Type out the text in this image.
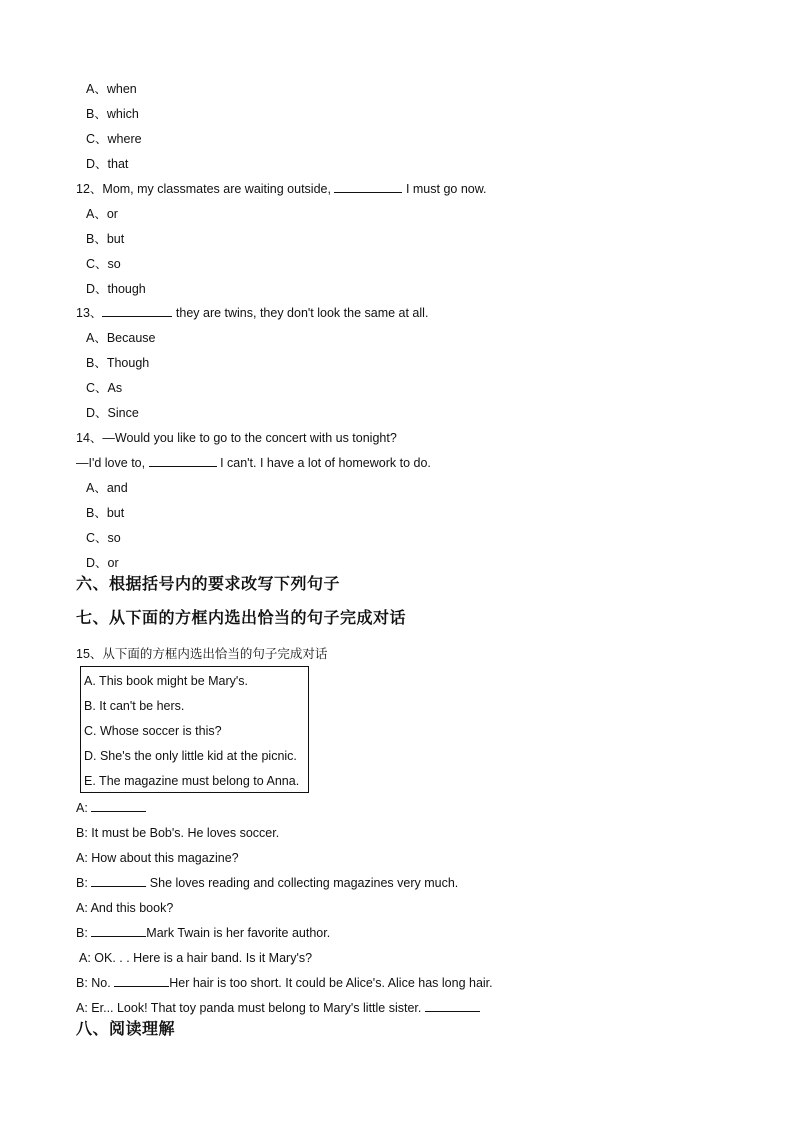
A、when
B、which
C、where
D、that
12、Mom, my classmates are waiting outside,	I must go now.
A、or
B、but
C、so
D、though
13、	they are twins, they don't look the same at all.
A、Because
B、Though
C、As
D、Since
14、—Would you like to go to the concert with us tonight?
—I'd love to,	I can't. I have a lot of homework to do.
A、and
B、but
C、so
D、or
六、根据括号内的要求改写下列句子
七、从下面的方框内选出恰当的句子完成对话
15、从下面的方框内选出恰当的句子完成对话
A. This book might be Mary's.
B. It can't be hers.
C. Whose soccer is this?
D. She's the only little kid at the picnic.
E. The magazine must belong to Anna.
A:
B: It must be Bob's. He loves soccer.
A: How about this magazine?
B:	She loves reading and collecting magazines very much.
A: And this book?
B:	Mark Twain is her favorite author.
A: OK. . . Here is a hair band. Is it Mary's?
B: No.	Her hair is too short. It could be Alice's. Alice has long hair.
A: Er... Look! That toy panda must belong to Mary's little sister.
八、阅读理解
